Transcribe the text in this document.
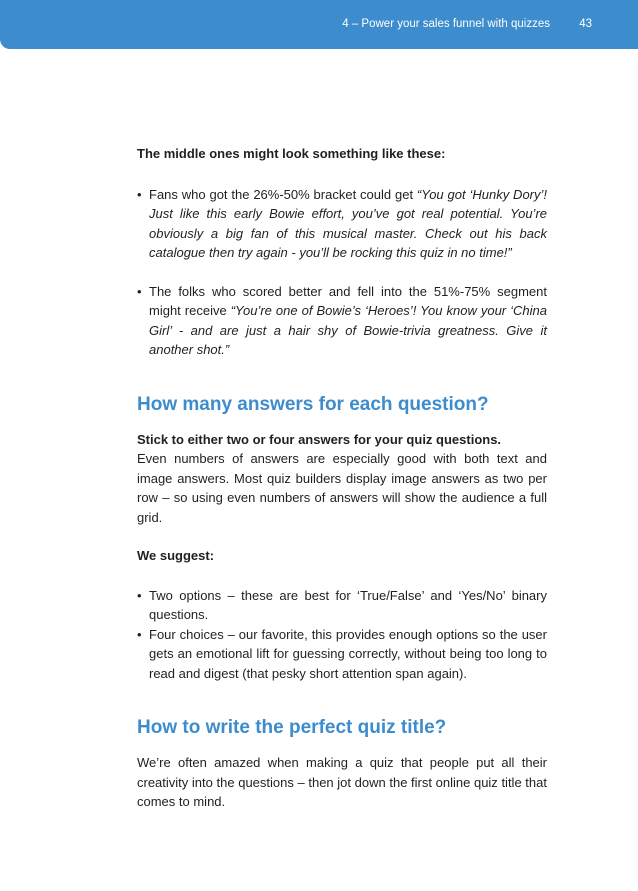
4 – Power your sales funnel with quizzes	43

The middle ones might look something like these:

• Fans who got the 26%-50% bracket could get “You got ‘Hunky Dory’! Just like this early Bowie effort, you’ve got real potential. You’re obviously a big fan of this musical master. Check out his back catalogue then try again - you’ll be rocking this quiz in no time!”
• The folks who scored better and fell into the 51%-75% segment might receive “You’re one of Bowie’s ‘Heroes’! You know your ‘China Girl’ - and are just a hair shy of Bowie-trivia greatness. Give it another shot.”
How many answers for each question?

Stick to either two or four answers for your quiz questions.

Even numbers of answers are especially good with both text and image answers. Most quiz builders display image answers as two per row – so using even numbers of answers will show the audience a full grid.

We suggest:

• Two options – these are best for ‘True/False’ and ‘Yes/No’ binary questions.
• Four choices – our favorite, this provides enough options so the user gets an emotional lift for guessing correctly, without being too long to read and digest (that pesky short attention span again).
How to write the perfect quiz title?

We’re often amazed when making a quiz that people put all their creativity into the questions – then jot down the first online quiz title that comes to mind.
